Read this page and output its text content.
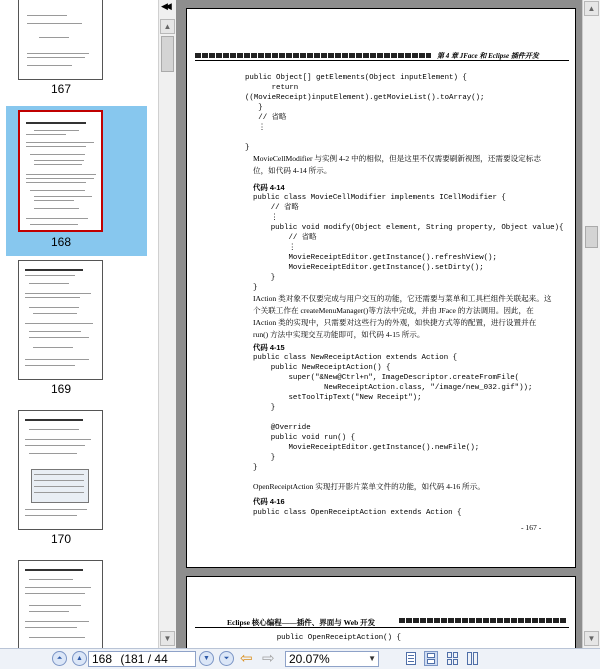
167
168
169
170
◀◀
▲
▼
第 4 章 JFace 和 Eclipse 插件开发
public Object[] getElements(Object inputElement) {
return
((MovieReceipt)inputElement).getMovieList().toArray();
}
// 省略
⋮

}
MovieCellModifier 与实例 4-2 中的相似，但是这里不仅需要刷新视图，还需要设定标志位，如代码 4-14 所示。
代码 4-14
public class MovieCellModifier implements ICellModifier {
// 省略
⋮
public void modify(Object element, String property, Object value){
// 省略
⋮
MovieReceiptEditor.getInstance().refreshView();
MovieReceiptEditor.getInstance().setDirty();
}
}
IAction 类对象不仅要完成与用户交互的功能，它还需要与菜单和工具栏组件关联起来。这个关联工作在 createMenuManager()等方法中完成，并由 JFace 的方法调用。因此，在 IAction 类的实现中，只需要对这些行为的外观，如快捷方式等的配置，进行设置并在 run() 方法中实现交互功能即可，如代码 4-15 所示。
代码 4-15
public class NewReceiptAction extends Action {
public NewReceiptAction() {
super("&New@Ctrl+n", ImageDescriptor.createFromFile(
NewReceiptAction.class, "/image/new_032.gif"));
setToolTipText("New Receipt");
}

@Override
public void run() {
MovieReceiptEditor.getInstance().newFile();
}
}
OpenReceiptAction 实现打开影片菜单文件的功能，如代码 4-16 所示。
代码 4-16
public class OpenReceiptAction extends Action {
- 167 -
Eclipse 核心编程——插件、界面与 Web 开发
public OpenReceiptAction() {
▲
▼
⏶	▲ 168 (181 / 44	▼	⏷ ⇦ ⇨	20.07%	▼
